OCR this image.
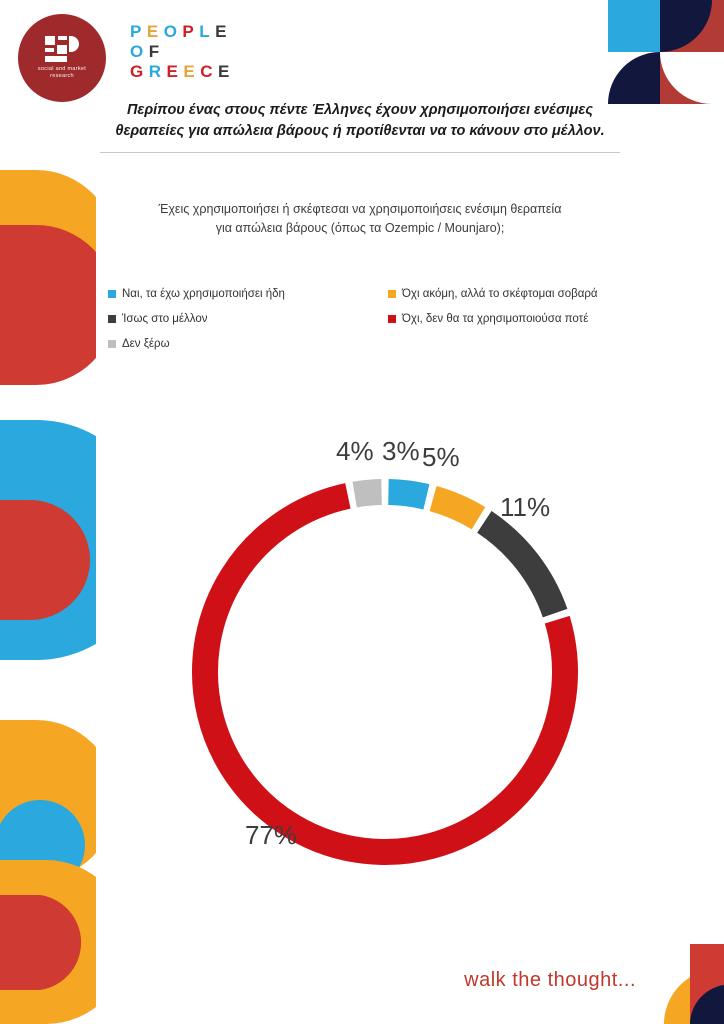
social and market
research
PEOPLE
OF
GREECE
Περίπου ένας στους πέντε Έλληνες έχουν χρησιμοποιήσει ενέσιμες θεραπείες για απώλεια βάρους ή προτίθενται να το κάνουν στο μέλλον.
Έχεις χρησιμοποιήσει ή σκέφτεσαι να χρησιμοποιήσεις ενέσιμη θεραπεία για απώλεια βάρους (όπως τα Ozempic / Mounjaro);
Ναι, τα έχω χρησιμοποιήσει ήδη	Όχι ακόμη, αλλά το σκέφτομαι σοβαρά
Ίσως στο μέλλον	Όχι, δεν θα τα χρησιμοποιούσα ποτέ
Δεν ξέρω
4% 3% 5%
11%
77%
walk the thought...
